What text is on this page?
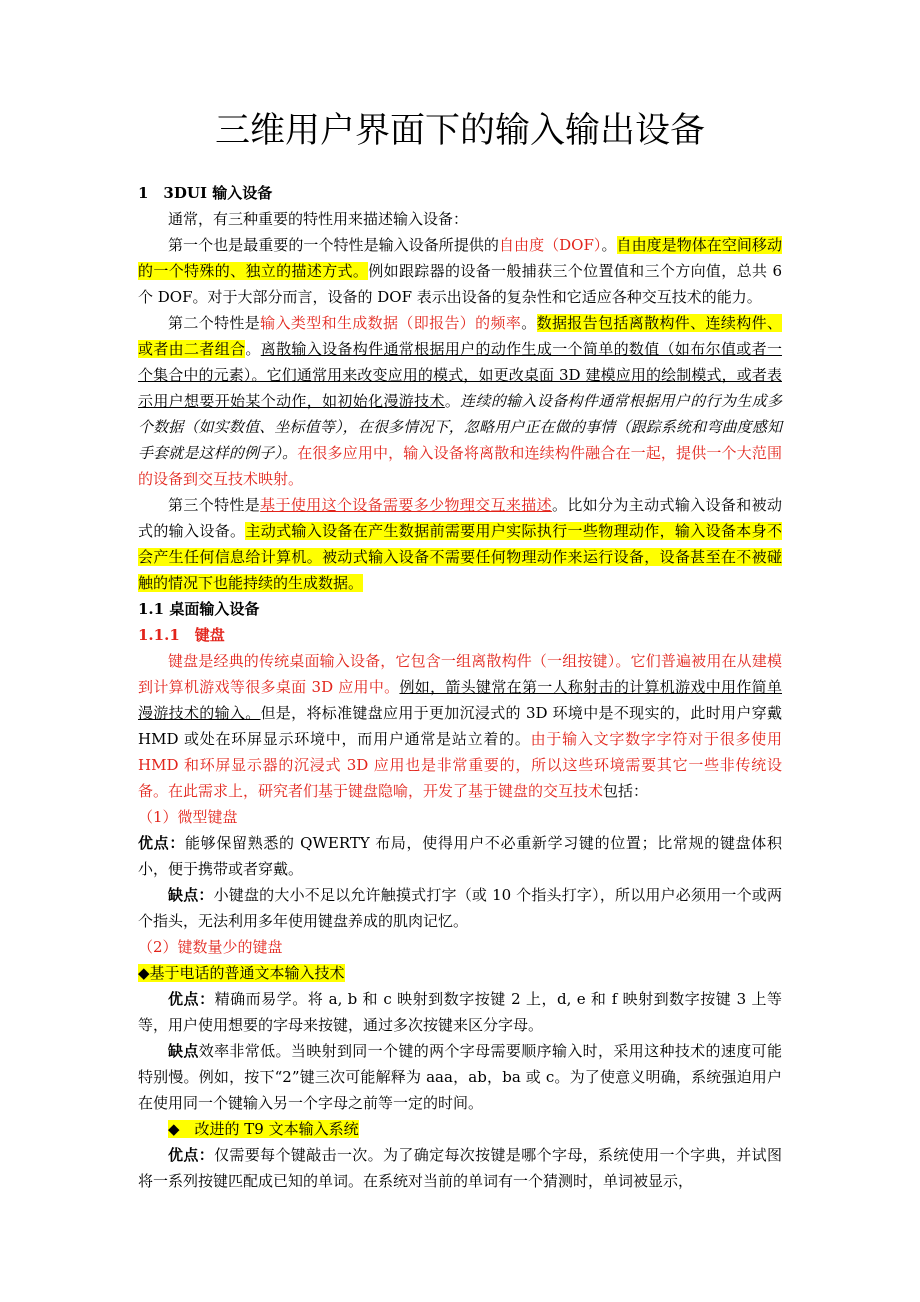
三维用户界面下的输入输出设备

1　3DUI 输入设备

通常，有三种重要的特性用来描述输入设备：

第一个也是最重要的一个特性是输入设备所提供的自由度（DOF）。自由度是物体在空间移动的一个特殊的、独立的描述方式。例如跟踪器的设备一般捕获三个位置值和三个方向值，总共 6 个 DOF。对于大部分而言，设备的 DOF 表示出设备的复杂性和它适应各种交互技术的能力。

第二个特性是输入类型和生成数据（即报告）的频率。数据报告包括离散构件、连续构件、或者由二者组合。离散输入设备构件通常根据用户的动作生成一个简单的数值（如布尔值或者一个集合中的元素）。它们通常用来改变应用的模式，如更改桌面 3D 建模应用的绘制模式，或者表示用户想要开始某个动作，如初始化漫游技术。连续的输入设备构件通常根据用户的行为生成多个数据（如实数值、坐标值等），在很多情况下，忽略用户正在做的事情（跟踪系统和弯曲度感知手套就是这样的例子）。在很多应用中，输入设备将离散和连续构件融合在一起，提供一个大范围的设备到交互技术映射。

第三个特性是基于使用这个设备需要多少物理交互来描述。比如分为主动式输入设备和被动式的输入设备。主动式输入设备在产生数据前需要用户实际执行一些物理动作，输入设备本身不会产生任何信息给计算机。被动式输入设备不需要任何物理动作来运行设备，设备甚至在不被碰触的情况下也能持续的生成数据。

1.1 桌面输入设备

1.1.1　键盘

键盘是经典的传统桌面输入设备，它包含一组离散构件（一组按键）。它们普遍被用在从建模到计算机游戏等很多桌面 3D 应用中。例如，箭头键常在第一人称射击的计算机游戏中用作简单漫游技术的输入。但是，将标准键盘应用于更加沉浸式的 3D 环境中是不现实的，此时用户穿戴 HMD 或处在环屏显示环境中，而用户通常是站立着的。由于输入文字数字字符对于很多使用 HMD 和环屏显示器的沉浸式 3D 应用也是非常重要的，所以这些环境需要其它一些非传统设备。在此需求上，研究者们基于键盘隐喻，开发了基于键盘的交互技术包括：

（1）微型键盘

优点：能够保留熟悉的 QWERTY 布局，使得用户不必重新学习键的位置；比常规的键盘体积小，便于携带或者穿戴。

缺点：小键盘的大小不足以允许触摸式打字（或 10 个指头打字），所以用户必须用一个或两个指头，无法利用多年使用键盘养成的肌肉记忆。

（2）键数量少的键盘

◆基于电话的普通文本输入技术

优点：精确而易学。将 a, b 和 c 映射到数字按键 2 上，d, e 和 f 映射到数字按键 3 上等等，用户使用想要的字母来按键，通过多次按键来区分字母。

缺点效率非常低。当映射到同一个键的两个字母需要顺序输入时，采用这种技术的速度可能特别慢。例如，按下“2”键三次可能解释为 aaa，ab，ba 或 c。为了使意义明确，系统强迫用户在使用同一个键输入另一个字母之前等一定的时间。

◆　改进的 T9 文本输入系统

优点：仅需要每个键敲击一次。为了确定每次按键是哪个字母，系统使用一个字典，并试图将一系列按键匹配成已知的单词。在系统对当前的单词有一个猜测时，单词被显示，
